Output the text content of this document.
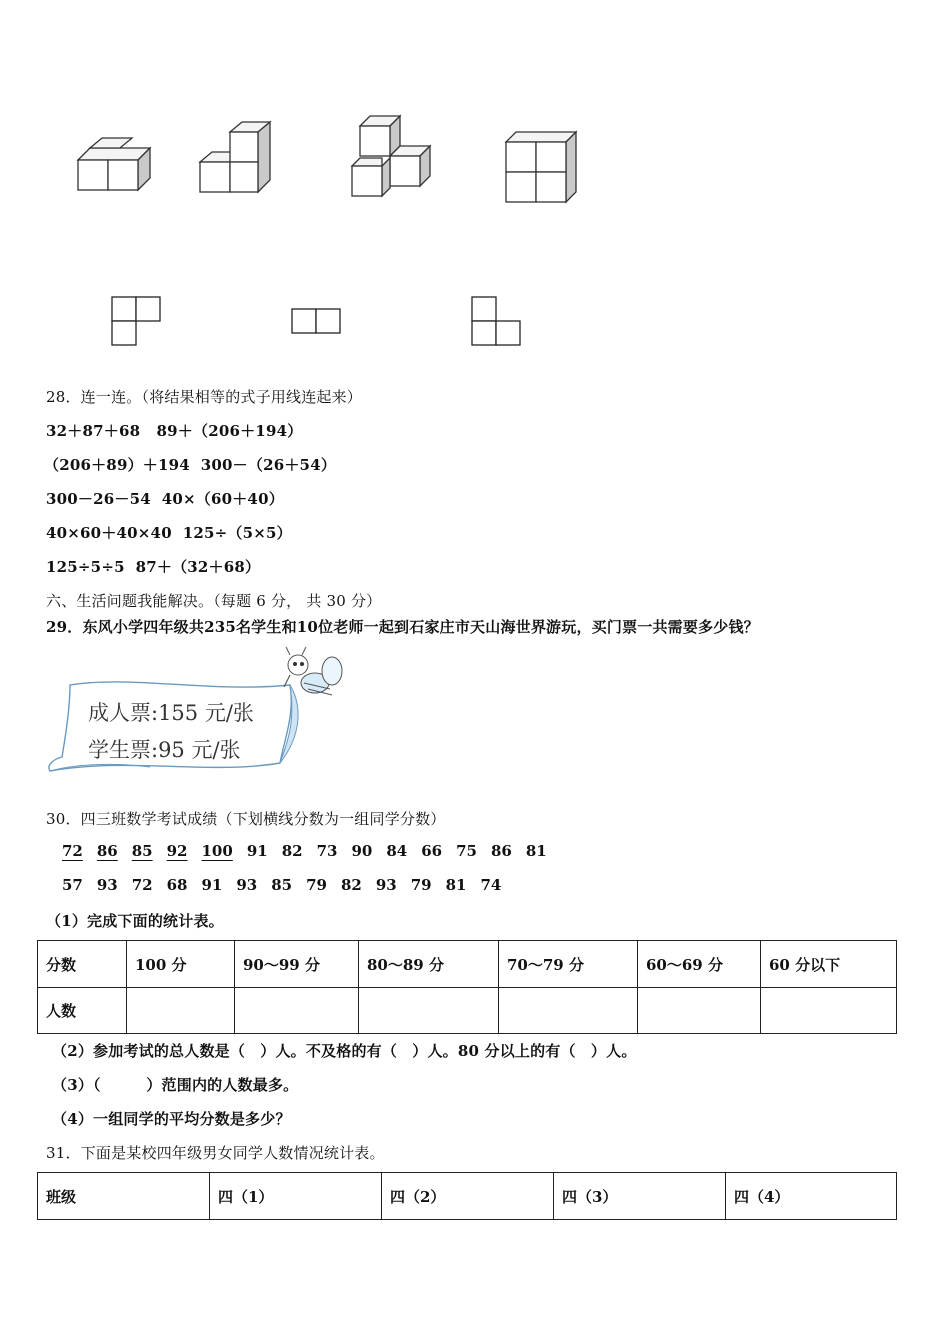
28．连一连。（将结果相等的式子用线连起来）
32＋87＋68 89＋（206＋194）
（206＋89）＋194 300－（26＋54）
300－26－54 40×（60＋40）
40×60＋40×40 125÷（5×5）
125÷5÷5 87＋（32＋68）
六、生活问题我能解决。（每题 6 分， 共 30 分）
29．东风小学四年级共235名学生和10位老师一起到石家庄市天山海世界游玩，买门票一共需要多少钱？
成人票:155 元/张
学生票:95 元/张
30．四三班数学考试成绩（下划横线分数为一组同学分数）
72 86 85 92 100 91 82 73 90 84 66 75 86 81
57 93 72 68 91 93 85 79 82 93 79 81 74
（1）完成下面的统计表。
分数	100 分	90～99 分	80～89 分	70～79 分	60～69 分	60 分以下
人数						
（2）参加考试的总人数是（　）人。不及格的有（　）人。80 分以上的有（　）人。
（3）（　　　）范围内的人数最多。
（4）一组同学的平均分数是多少？
31．下面是某校四年级男女同学人数情况统计表。
班级	四（1）	四（2）	四（3）	四（4）
